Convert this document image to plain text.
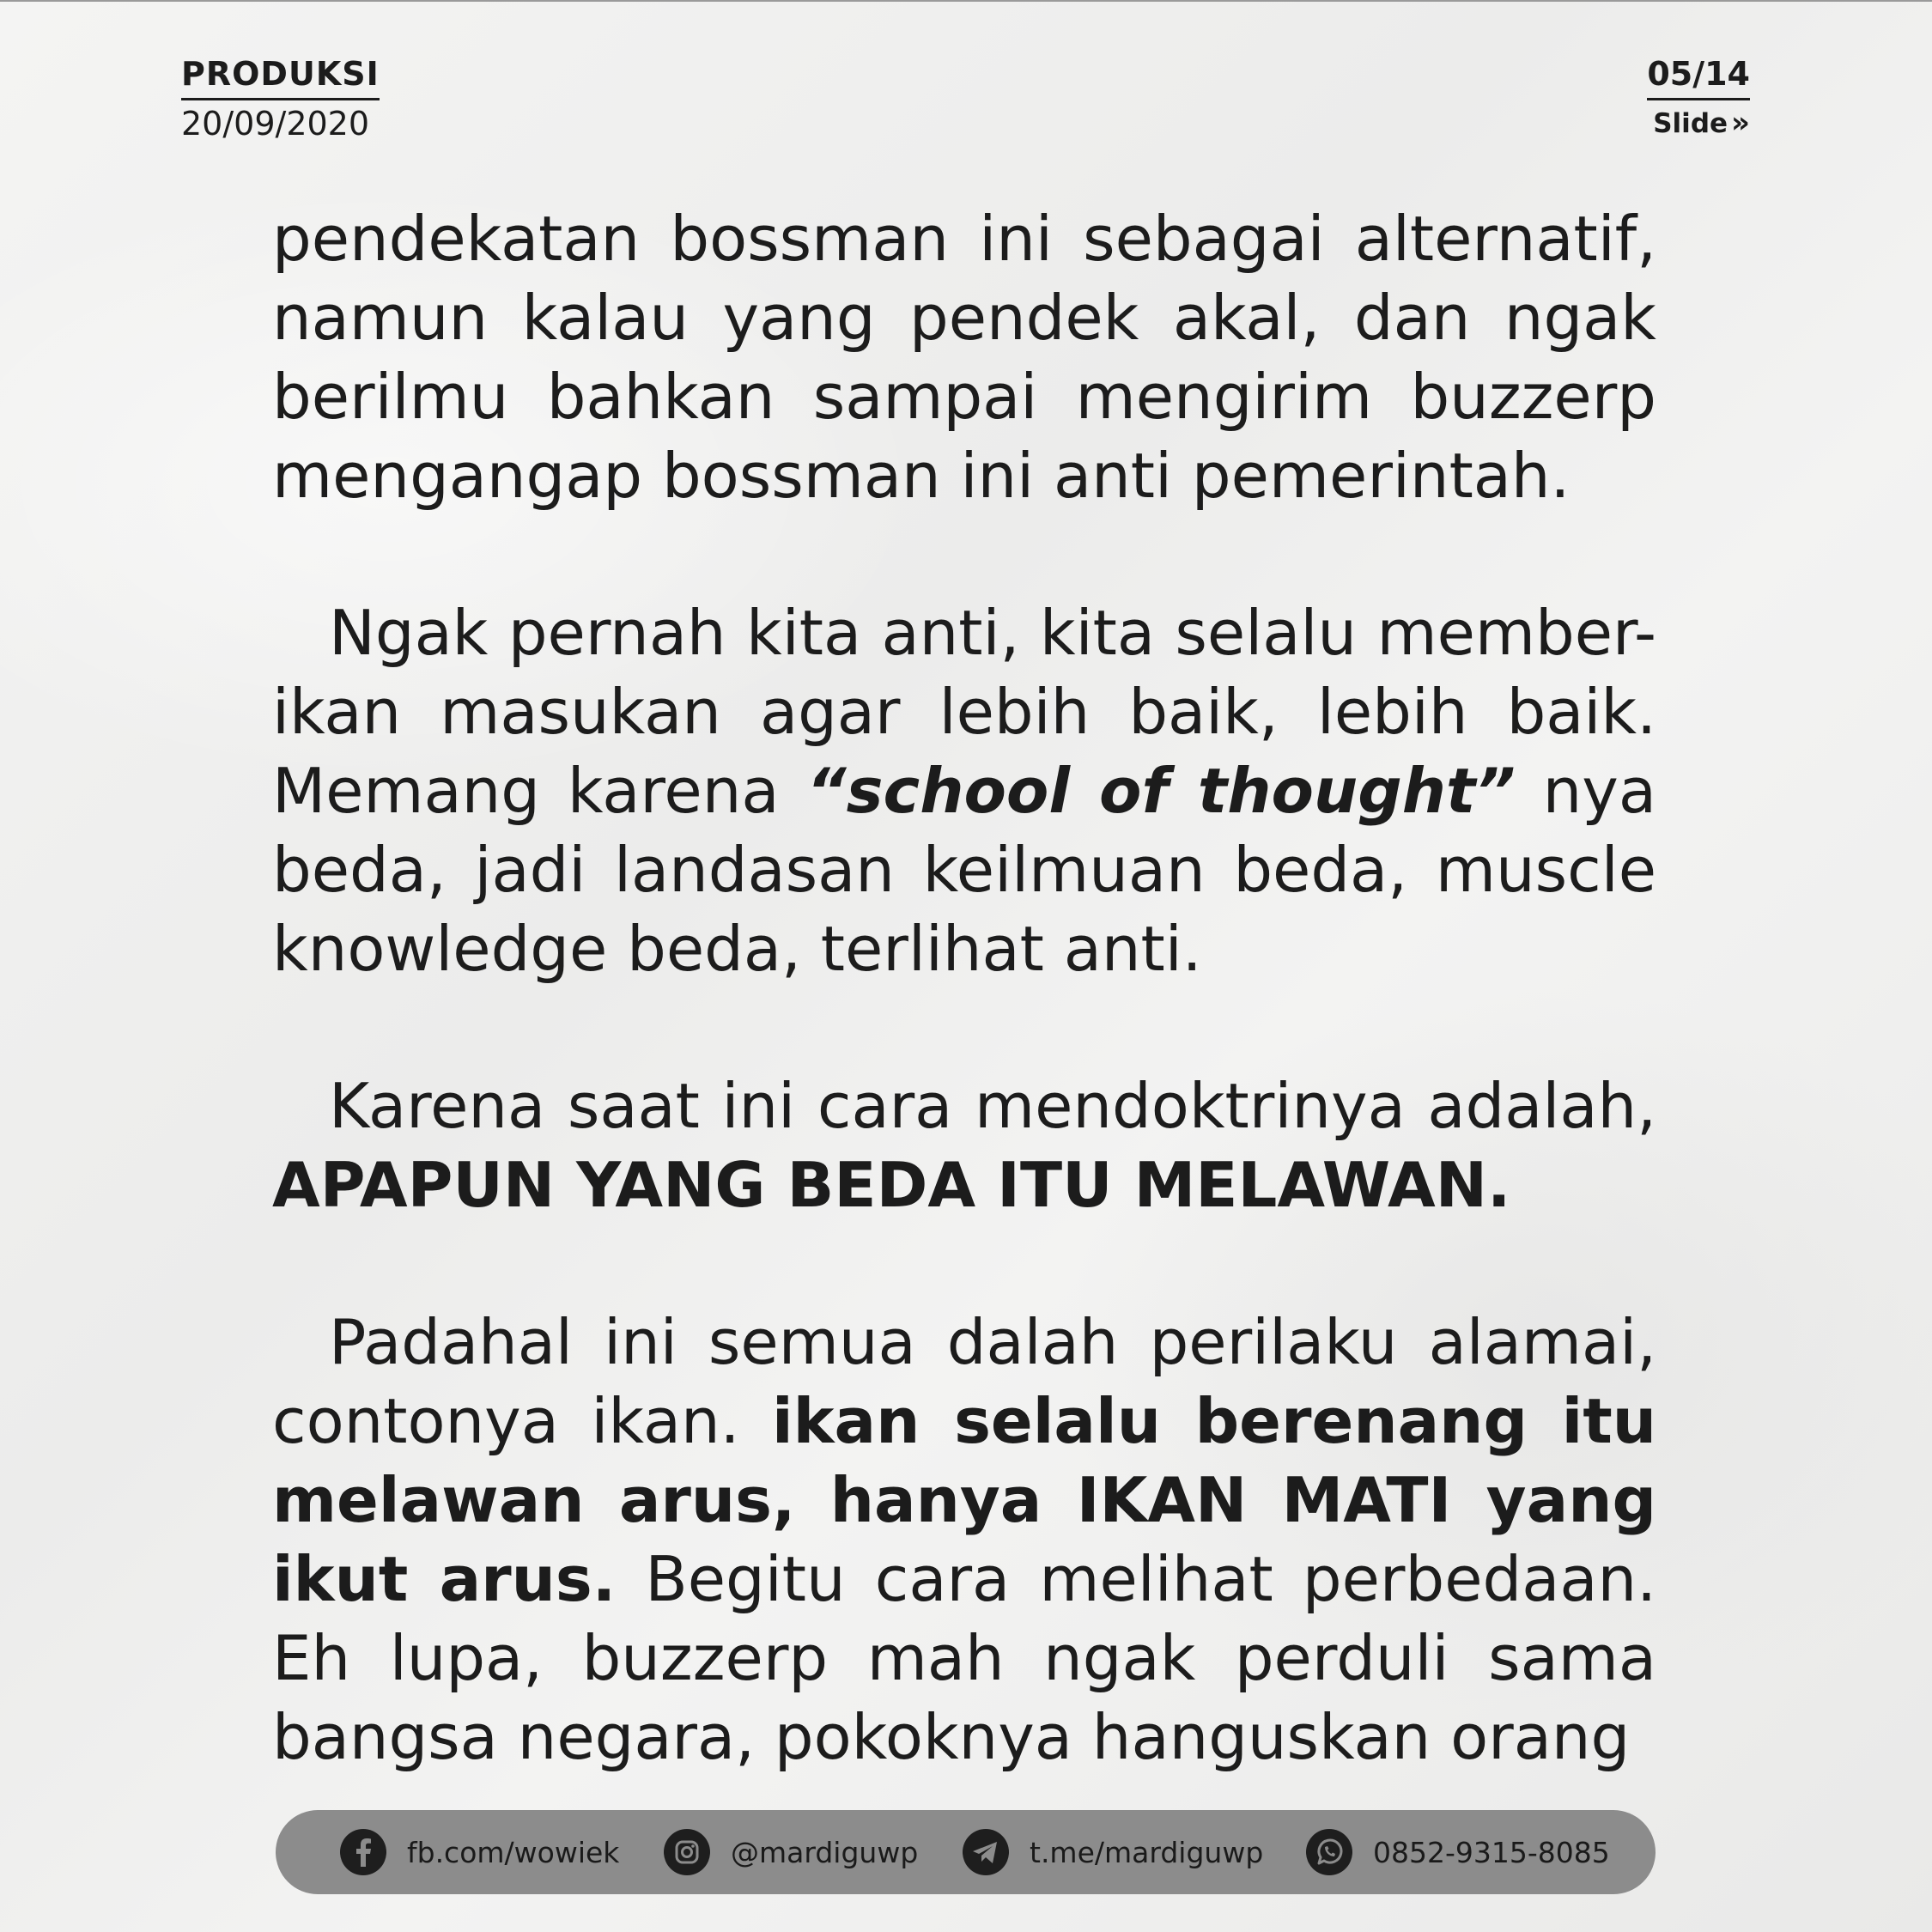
PRODUKSI
20/09/2020
05/14
Slide »

pendekatan bossman ini sebagai alternatif, namun kalau yang pendek akal, dan ngak berilmu bahkan sampai mengirim buzzerp mengangap bossman ini anti pemerintah.

Ngak pernah kita anti, kita selalu member-ikan masukan agar lebih baik, lebih baik. Memang karena “school of thought” nya beda, jadi landasan keilmuan beda, muscle knowledge beda, terlihat anti.

Karena saat ini cara mendoktrinya adalah, APAPUN YANG BEDA ITU MELAWAN.

Padahal ini semua dalah perilaku alamai, contonya ikan. ikan selalu berenang itu melawan arus, hanya IKAN MATI yang ikut arus. Begitu cara melihat perbedaan. Eh lupa, buzzerp mah ngak perduli sama bangsa negara, pokoknya hanguskan orang

fb.com/wowiek	@mardiguwp	t.me/mardiguwp	0852-9315-8085
